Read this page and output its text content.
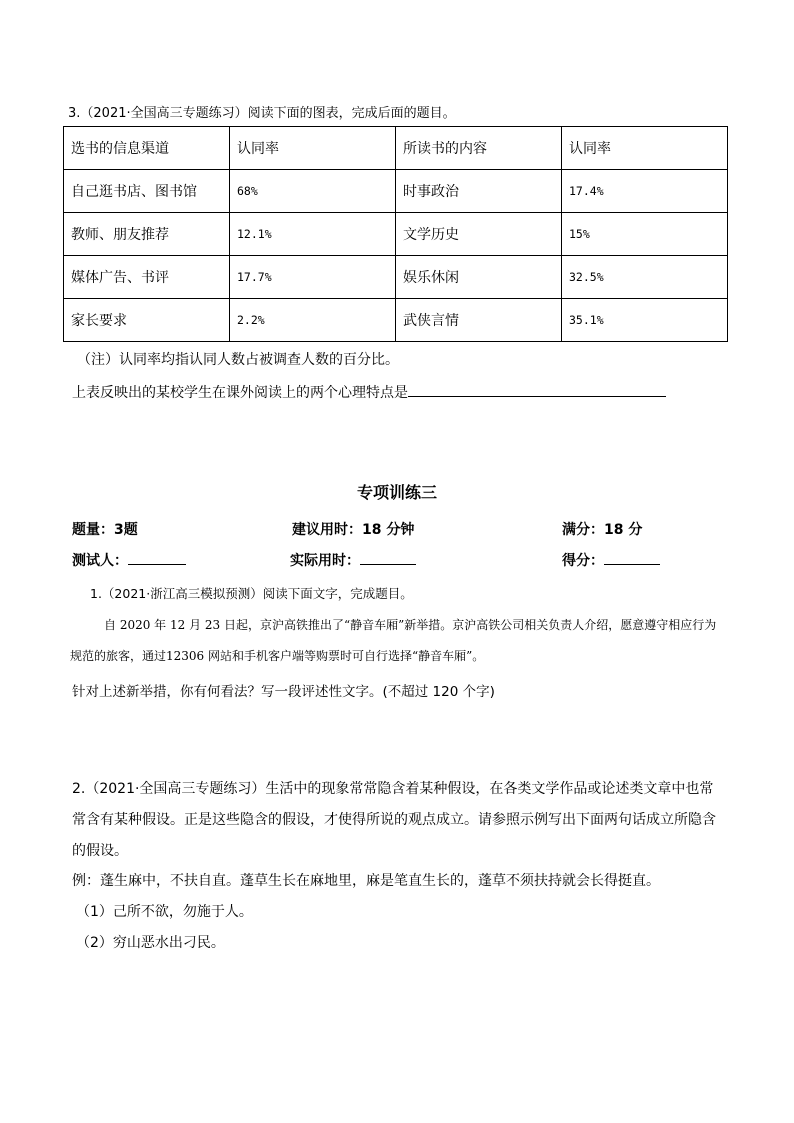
3.（2021·全国高三专题练习）阅读下面的图表，完成后面的题目。
选书的信息渠道	认同率	所读书的内容	认同率
自己逛书店、图书馆	68%	时事政治	17.4%
教师、朋友推荐	12.1%	文学历史	15%
媒体广告、书评	17.7%	娱乐休闲	32.5%
家长要求	2.2%	武侠言情	35.1%
（注）认同率均指认同人数占被调查人数的百分比。
上表反映出的某校学生在课外阅读上的两个心理特点是
专项训练三
题量：3题	建议用时：18 分钟	满分：18 分
测试人：	实际用时：	得分：
1.（2021·浙江高三模拟预测）阅读下面文字，完成题目。
自 2020 年 12 月 23 日起，京沪高铁推出了“静音车厢”新举措。京沪高铁公司相关负责人介绍，愿意遵守相应行为规范的旅客，通过12306 网站和手机客户端等购票时可自行选择“静音车厢”。
针对上述新举措，你有何看法？写一段评述性文字。(不超过 120 个字)
2.（2021·全国高三专题练习）生活中的现象常常隐含着某种假设，在各类文学作品或论述类文章中也常常含有某种假设。正是这些隐含的假设，才使得所说的观点成立。请参照示例写出下面两句话成立所隐含的假设。
例：蓬生麻中，不扶自直。蓬草生长在麻地里，麻是笔直生长的，蓬草不须扶持就会长得挺直。
（1）己所不欲，勿施于人。
（2）穷山恶水出刁民。
